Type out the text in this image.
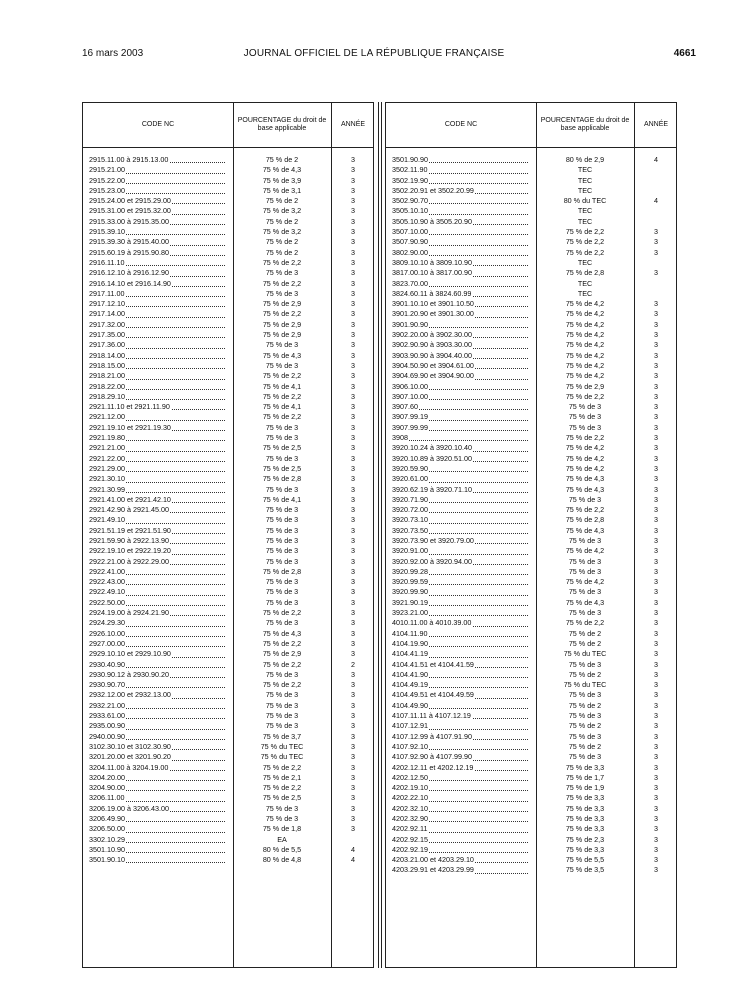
16 mars 2003	JOURNAL OFFICIEL DE LA RÉPUBLIQUE FRANÇAISE	4661
CODE NC
POURCENTAGE du droit de base applicable
ANNÉE
2915.11.00 à 2915.13.00	75 % de 2	3
2915.21.00	75 % de 4,3	3
2915.22.00	75 % de 3,9	3
2915.23.00	75 % de 3,1	3
2915.24.00 et 2915.29.00	75 % de 2	3
2915.31.00 et 2915.32.00	75 % de 3,2	3
2915.33.00 à 2915.35.00	75 % de 2	3
2915.39.10	75 % de 3,2	3
2915.39.30 à 2915.40.00	75 % de 2	3
2915.60.19 à 2915.90.80	75 % de 2	3
2916.11.10	75 % de 2,2	3
2916.12.10 à 2916.12.90	75 % de 3	3
2916.14.10 et 2916.14.90	75 % de 2,2	3
2917.11.00	75 % de 3	3
2917.12.10	75 % de 2,9	3
2917.14.00	75 % de 2,2	3
2917.32.00	75 % de 2,9	3
2917.35.00	75 % de 2,9	3
2917.36.00	75 % de 3	3
2918.14.00	75 % de 4,3	3
2918.15.00	75 % de 3	3
2918.21.00	75 % de 2,2	3
2918.22.00	75 % de 4,1	3
2918.29.10	75 % de 2,2	3
2921.11.10 et 2921.11.90	75 % de 4,1	3
2921.12.00	75 % de 2,2	3
2921.19.10 et 2921.19.30	75 % de 3	3
2921.19.80	75 % de 3	3
2921.21.00	75 % de 2,5	3
2921.22.00	75 % de 3	3
2921.29.00	75 % de 2,5	3
2921.30.10	75 % de 2,8	3
2921.30.99	75 % de 3	3
2921.41.00 et 2921.42.10	75 % de 4,1	3
2921.42.90 à 2921.45.00	75 % de 3	3
2921.49.10	75 % de 3	3
2921.51.19 et 2921.51.90	75 % de 3	3
2921.59.90 à 2922.13.90	75 % de 3	3
2922.19.10 et 2922.19.20	75 % de 3	3
2922.21.00 à 2922.29.00	75 % de 3	3
2922.41.00	75 % de 2,8	3
2922.43.00	75 % de 3	3
2922.49.10	75 % de 3	3
2922.50.00	75 % de 3	3
2924.19.00 à 2924.21.90	75 % de 2,2	3
2924.29.30	75 % de 3	3
2926.10.00	75 % de 4,3	3
2927.00.00	75 % de 2,2	3
2929.10.10 et 2929.10.90	75 % de 2,9	3
2930.40.90	75 % de 2,2	2
2930.90.12 à 2930.90.20	75 % de 3	3
2930.90.70	75 % de 2,2	3
2932.12.00 et 2932.13.00	75 % de 3	3
2932.21.00	75 % de 3	3
2933.61.00	75 % de 3	3
2935.00.90	75 % de 3	3
2940.00.90	75 % de 3,7	3
3102.30.10 et 3102.30.90	75 % du TEC	3
3201.20.00 et 3201.90.20	75 % du TEC	3
3204.11.00 à 3204.19.00	75 % de 2,2	3
3204.20.00	75 % de 2,1	3
3204.90.00	75 % de 2,2	3
3206.11.00	75 % de 2,5	3
3206.19.00 à 3206.43.00	75 % de 3	3
3206.49.90	75 % de 3	3
3206.50.00	75 % de 1,8	3
3302.10.29	EA
3501.10.90	80 % de 5,5	4
3501.90.10	80 % de 4,8	4
CODE NC
POURCENTAGE du droit de base applicable
ANNÉE
3501.90.90	80 % de 2,9	4
3502.11.90	TEC
3502.19.90	TEC
3502.20.91 et 3502.20.99	TEC
3502.90.70	80 % du TEC	4
3505.10.10	TEC
3505.10.90 à 3505.20.90	TEC
3507.10.00	75 % de 2,2	3
3507.90.90	75 % de 2,2	3
3802.90.00	75 % de 2,2	3
3809.10.10 à 3809.10.90	TEC
3817.00.10 à 3817.00.90	75 % de 2,8	3
3823.70.00	TEC
3824.60.11 à 3824.60.99	TEC
3901.10.10 et 3901.10.50	75 % de 4,2	3
3901.20.90 et 3901.30.00	75 % de 4,2	3
3901.90.90	75 % de 4,2	3
3902.20.00 à 3902.30.00	75 % de 4,2	3
3902.90.90 à 3903.30.00	75 % de 4,2	3
3903.90.90 à 3904.40.00	75 % de 4,2	3
3904.50.90 et 3904.61.00	75 % de 4,2	3
3904.69.90 et 3904.90.00	75 % de 4,2	3
3906.10.00	75 % de 2,9	3
3907.10.00	75 % de 2,2	3
3907.60	75 % de 3	3
3907.99.19	75 % de 3	3
3907.99.99	75 % de 3	3
3908	75 % de 2,2	3
3920.10.24 à 3920.10.40	75 % de 4,2	3
3920.10.89 à 3920.51.00	75 % de 4,2	3
3920.59.90	75 % de 4,2	3
3920.61.00	75 % de 4,3	3
3920.62.19 à 3920.71.10	75 % de 4,3	3
3920.71.90	75 % de 3	3
3920.72.00	75 % de 2,2	3
3920.73.10	75 % de 2,8	3
3920.73.50	75 % de 4,3	3
3920.73.90 et 3920.79.00	75 % de 3	3
3920.91.00	75 % de 4,2	3
3920.92.00 à 3920.94.00	75 % de 3	3
3920.99.28	75 % de 3	3
3920.99.59	75 % de 4,2	3
3920.99.90	75 % de 3	3
3921.90.19	75 % de 4,3	3
3923.21.00	75 % de 3	3
4010.11.00 à 4010.39.00	75 % de 2,2	3
4104.11.90	75 % de 2	3
4104.19.90	75 % de 2	3
4104.41.19	75 % du TEC	3
4104.41.51 et 4104.41.59	75 % de 3	3
4104.41.90	75 % de 2	3
4104.49.19	75 % du TEC	3
4104.49.51 et 4104.49.59	75 % de 3	3
4104.49.90	75 % de 2	3
4107.11.11 à 4107.12.19	75 % de 3	3
4107.12.91	75 % de 2	3
4107.12.99 à 4107.91.90	75 % de 3	3
4107.92.10	75 % de 2	3
4107.92.90 à 4107.99.90	75 % de 3	3
4202.12.11 et 4202.12.19	75 % de 3,3	3
4202.12.50	75 % de 1,7	3
4202.19.10	75 % de 1,9	3
4202.22.10	75 % de 3,3	3
4202.32.10	75 % de 3,3	3
4202.32.90	75 % de 3,3	3
4202.92.11	75 % de 3,3	3
4202.92.15	75 % de 2,3	3
4202.92.19	75 % de 3,3	3
4203.21.00 et 4203.29.10	75 % de 5,5	3
4203.29.91 et 4203.29.99	75 % de 3,5	3
